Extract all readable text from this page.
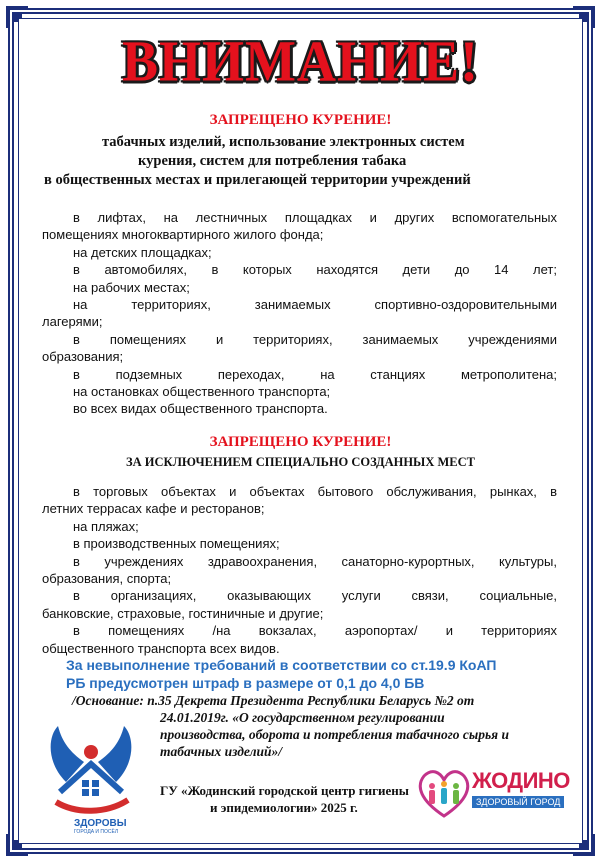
ВНИМАНИЕ!
ЗАПРЕЩЕНО КУРЕНИЕ!
табачных изделий, использование электронных систем
курения, систем для потребления табака
в общественных местах и прилегающей территории учреждений
в лифтах, на лестничных площадках и других вспомогательных
помещениях многоквартирного жилого фонда;
на детских площадках;
в автомобилях, в которых находятся дети до 14 лет;
на рабочих местах;
на территориях, занимаемых спортивно-оздоровительными
лагерями;
в помещениях и территориях, занимаемых учреждениями
образования;
в подземных переходах, на станциях метрополитена;
на остановках общественного транспорта;
во всех видах общественного транспорта.
ЗАПРЕЩЕНО КУРЕНИЕ!
ЗА ИСКЛЮЧЕНИЕМ СПЕЦИАЛЬНО СОЗДАННЫХ МЕСТ
в торговых объектах и объектах бытового обслуживания, рынках, в
летних террасах кафе и ресторанов;
на пляжах;
в производственных помещениях;
в учреждениях здравоохранения, санаторно-курортных, культуры,
образования, спорта;
в организациях, оказывающих услуги связи, социальные,
банковские, страховые, гостиничные и другие;
в помещениях /на вокзалах, аэропортах/ и территориях
общественного транспорта всех видов.
За невыполнение требований в соответствии со ст.19.9 КоАП
РБ предусмотрен штраф в размере от 0,1 до 4,0 БВ
/Основание: п.35 Декрета Президента Республики Беларусь №2 от
24.01.2019г. «О государственном регулировании
производства, оборота и потребления табачного сырья и
табачных изделий»/
ЗДОРОВЫ
ГОРОДА И ПОСЁЛ
ГУ «Жодинский городской центр гигиены
и эпидемиологии» 2025 г.
ЖОДИНО
ЗДОРОВЫЙ ГОРОД
